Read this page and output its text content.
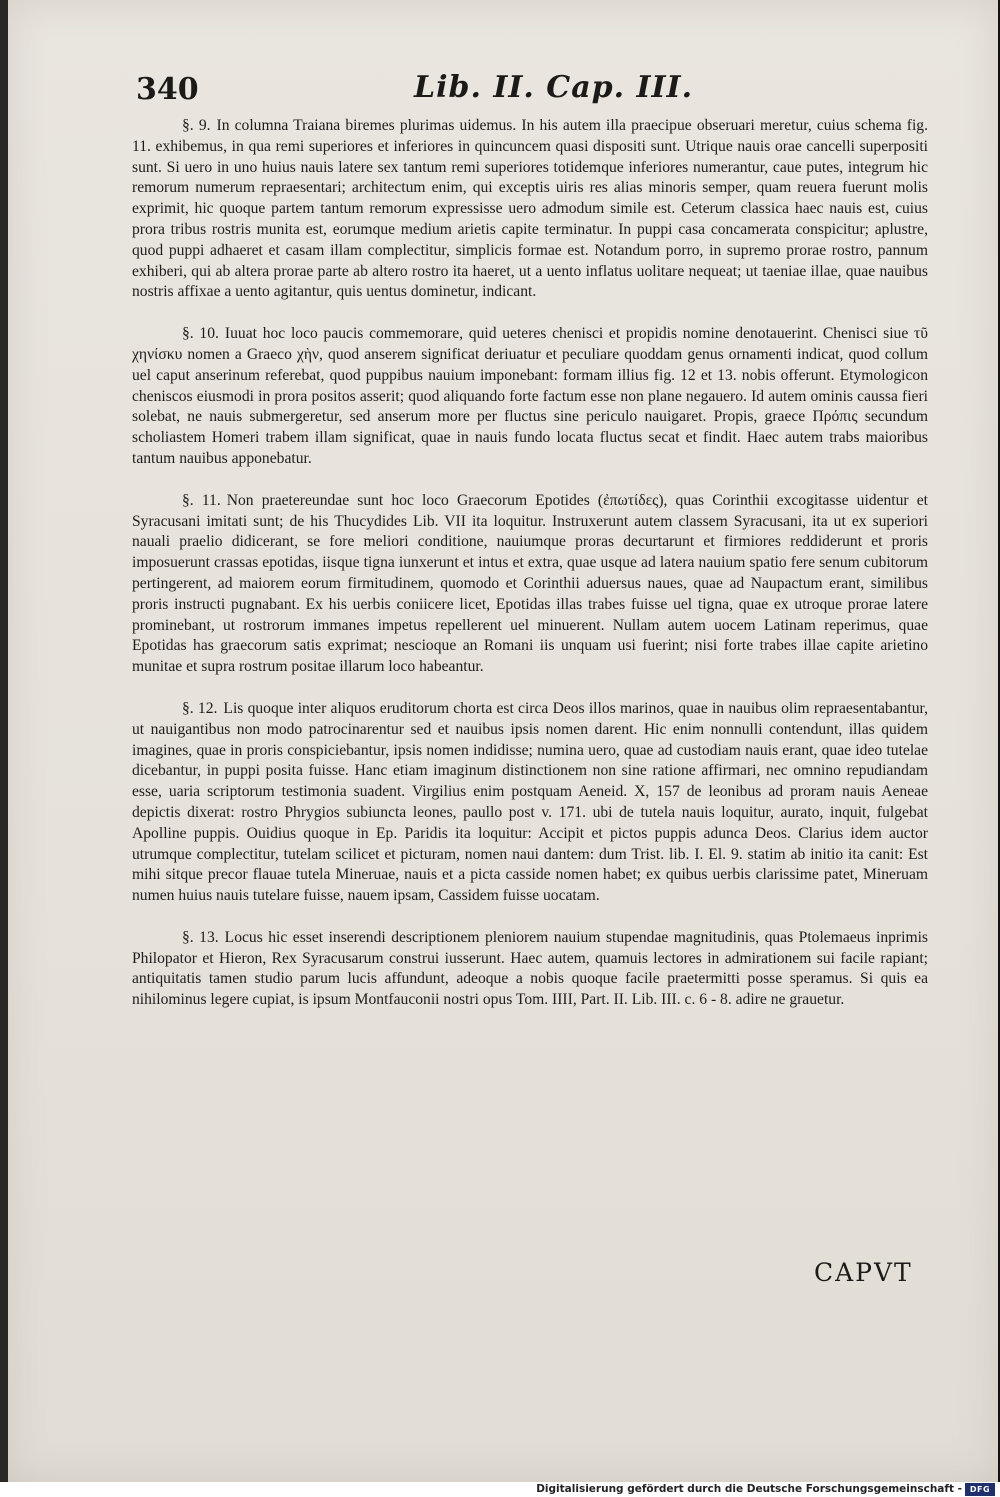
340	Lib. II. Cap. III.

§. 9. In columna Traiana biremes plurimas uidemus. In his autem illa praecipue obseruari meretur, cuius schema fig. 11. exhibemus, in qua remi superiores et inferiores in quincuncem quasi dispositi sunt. Utrique nauis orae cancelli superpositi sunt. Si uero in uno huius nauis latere sex tantum remi superiores totidemque inferiores numerantur, caue putes, integrum hic remorum numerum repraesentari; architectum enim, qui exceptis uiris res alias minoris semper, quam reuera fuerunt molis exprimit, hic quoque partem tantum remorum expressisse uero admodum simile est. Ceterum classica haec nauis est, cuius prora tribus rostris munita est, eorumque medium arietis capite terminatur. In puppi casa concamerata conspicitur; aplustre, quod puppi adhaeret et casam illam complectitur, simplicis formae est. Notandum porro, in supremo prorae rostro, pannum exhiberi, qui ab altera prorae parte ab altero rostro ita haeret, ut a uento inflatus uolitare nequeat; ut taeniae illae, quae nauibus nostris affixae a uento agitantur, quis uentus dominetur, indicant.

§. 10. Iuuat hoc loco paucis commemorare, quid ueteres chenisci et propidis nomine denotauerint. Chenisci siue τῦ χηνίσκυ nomen a Graeco χὴν, quod anserem significat deriuatur et peculiare quoddam genus ornamenti indicat, quod collum uel caput anserinum referebat, quod puppibus nauium imponebant: formam illius fig. 12 et 13. nobis offerunt. Etymologicon cheniscos eiusmodi in prora positos asserit; quod aliquando forte factum esse non plane negauero. Id autem ominis caussa fieri solebat, ne nauis submergeretur, sed anserum more per fluctus sine periculo nauigaret. Propis, graece Πρόπις secundum scholiastem Homeri trabem illam significat, quae in nauis fundo locata fluctus secat et findit. Haec autem trabs maioribus tantum nauibus apponebatur.

§. 11. Non praetereundae sunt hoc loco Graecorum Epotides (ἐπωτίδες), quas Corinthii excogitasse uidentur et Syracusani imitati sunt; de his Thucydides Lib. VII ita loquitur. Instruxerunt autem classem Syracusani, ita ut ex superiori nauali praelio didicerant, se fore meliori conditione, nauiumque proras decurtarunt et firmiores reddiderunt et proris imposuerunt crassas epotidas, iisque tigna iunxerunt et intus et extra, quae usque ad latera nauium spatio fere senum cubitorum pertingerent, ad maiorem eorum firmitudinem, quomodo et Corinthii aduersus naues, quae ad Naupactum erant, similibus proris instructi pugnabant. Ex his uerbis coniicere licet, Epotidas illas trabes fuisse uel tigna, quae ex utroque prorae latere prominebant, ut rostrorum immanes impetus repellerent uel minuerent. Nullam autem uocem Latinam reperimus, quae Epotidas has graecorum satis exprimat; nescioque an Romani iis unquam usi fuerint; nisi forte trabes illae capite arietino munitae et supra rostrum positae illarum loco habeantur.

§. 12. Lis quoque inter aliquos eruditorum chorta est circa Deos illos marinos, quae in nauibus olim repraesentabantur, ut nauigantibus non modo patrocinarentur sed et nauibus ipsis nomen darent. Hic enim nonnulli contendunt, illas quidem imagines, quae in proris conspiciebantur, ipsis nomen indidisse; numina uero, quae ad custodiam nauis erant, quae ideo tutelae dicebantur, in puppi posita fuisse. Hanc etiam imaginum distinctionem non sine ratione affirmari, nec omnino repudiandam esse, uaria scriptorum testimonia suadent. Virgilius enim postquam Aeneid. X, 157 de leonibus ad proram nauis Aeneae depictis dixerat: rostro Phrygios subiuncta leones, paullo post v. 171. ubi de tutela nauis loquitur, aurato, inquit, fulgebat Apolline puppis. Ouidius quoque in Ep. Paridis ita loquitur: Accipit et pictos puppis adunca Deos. Clarius idem auctor utrumque complectitur, tutelam scilicet et picturam, nomen naui dantem: dum Trist. lib. I. El. 9. statim ab initio ita canit: Est mihi sitque precor flauae tutela Mineruae, nauis et a picta casside nomen habet; ex quibus uerbis clarissime patet, Mineruam numen huius nauis tutelare fuisse, nauem ipsam, Cassidem fuisse uocatam.

§. 13. Locus hic esset inserendi descriptionem pleniorem nauium stupendae magnitudinis, quas Ptolemaeus inprimis Philopator et Hieron, Rex Syracusarum construi iusserunt. Haec autem, quamuis lectores in admirationem sui facile rapiant; antiquitatis tamen studio parum lucis affundunt, adeoque a nobis quoque facile praetermitti posse speramus. Si quis ea nihilominus legere cupiat, is ipsum Montfauconii nostri opus Tom. IIII, Part. II. Lib. III. c. 6 - 8. adire ne grauetur.

CAPVT
Digitalisierung gefördert durch die Deutsche Forschungsgemeinschaft - DFG
